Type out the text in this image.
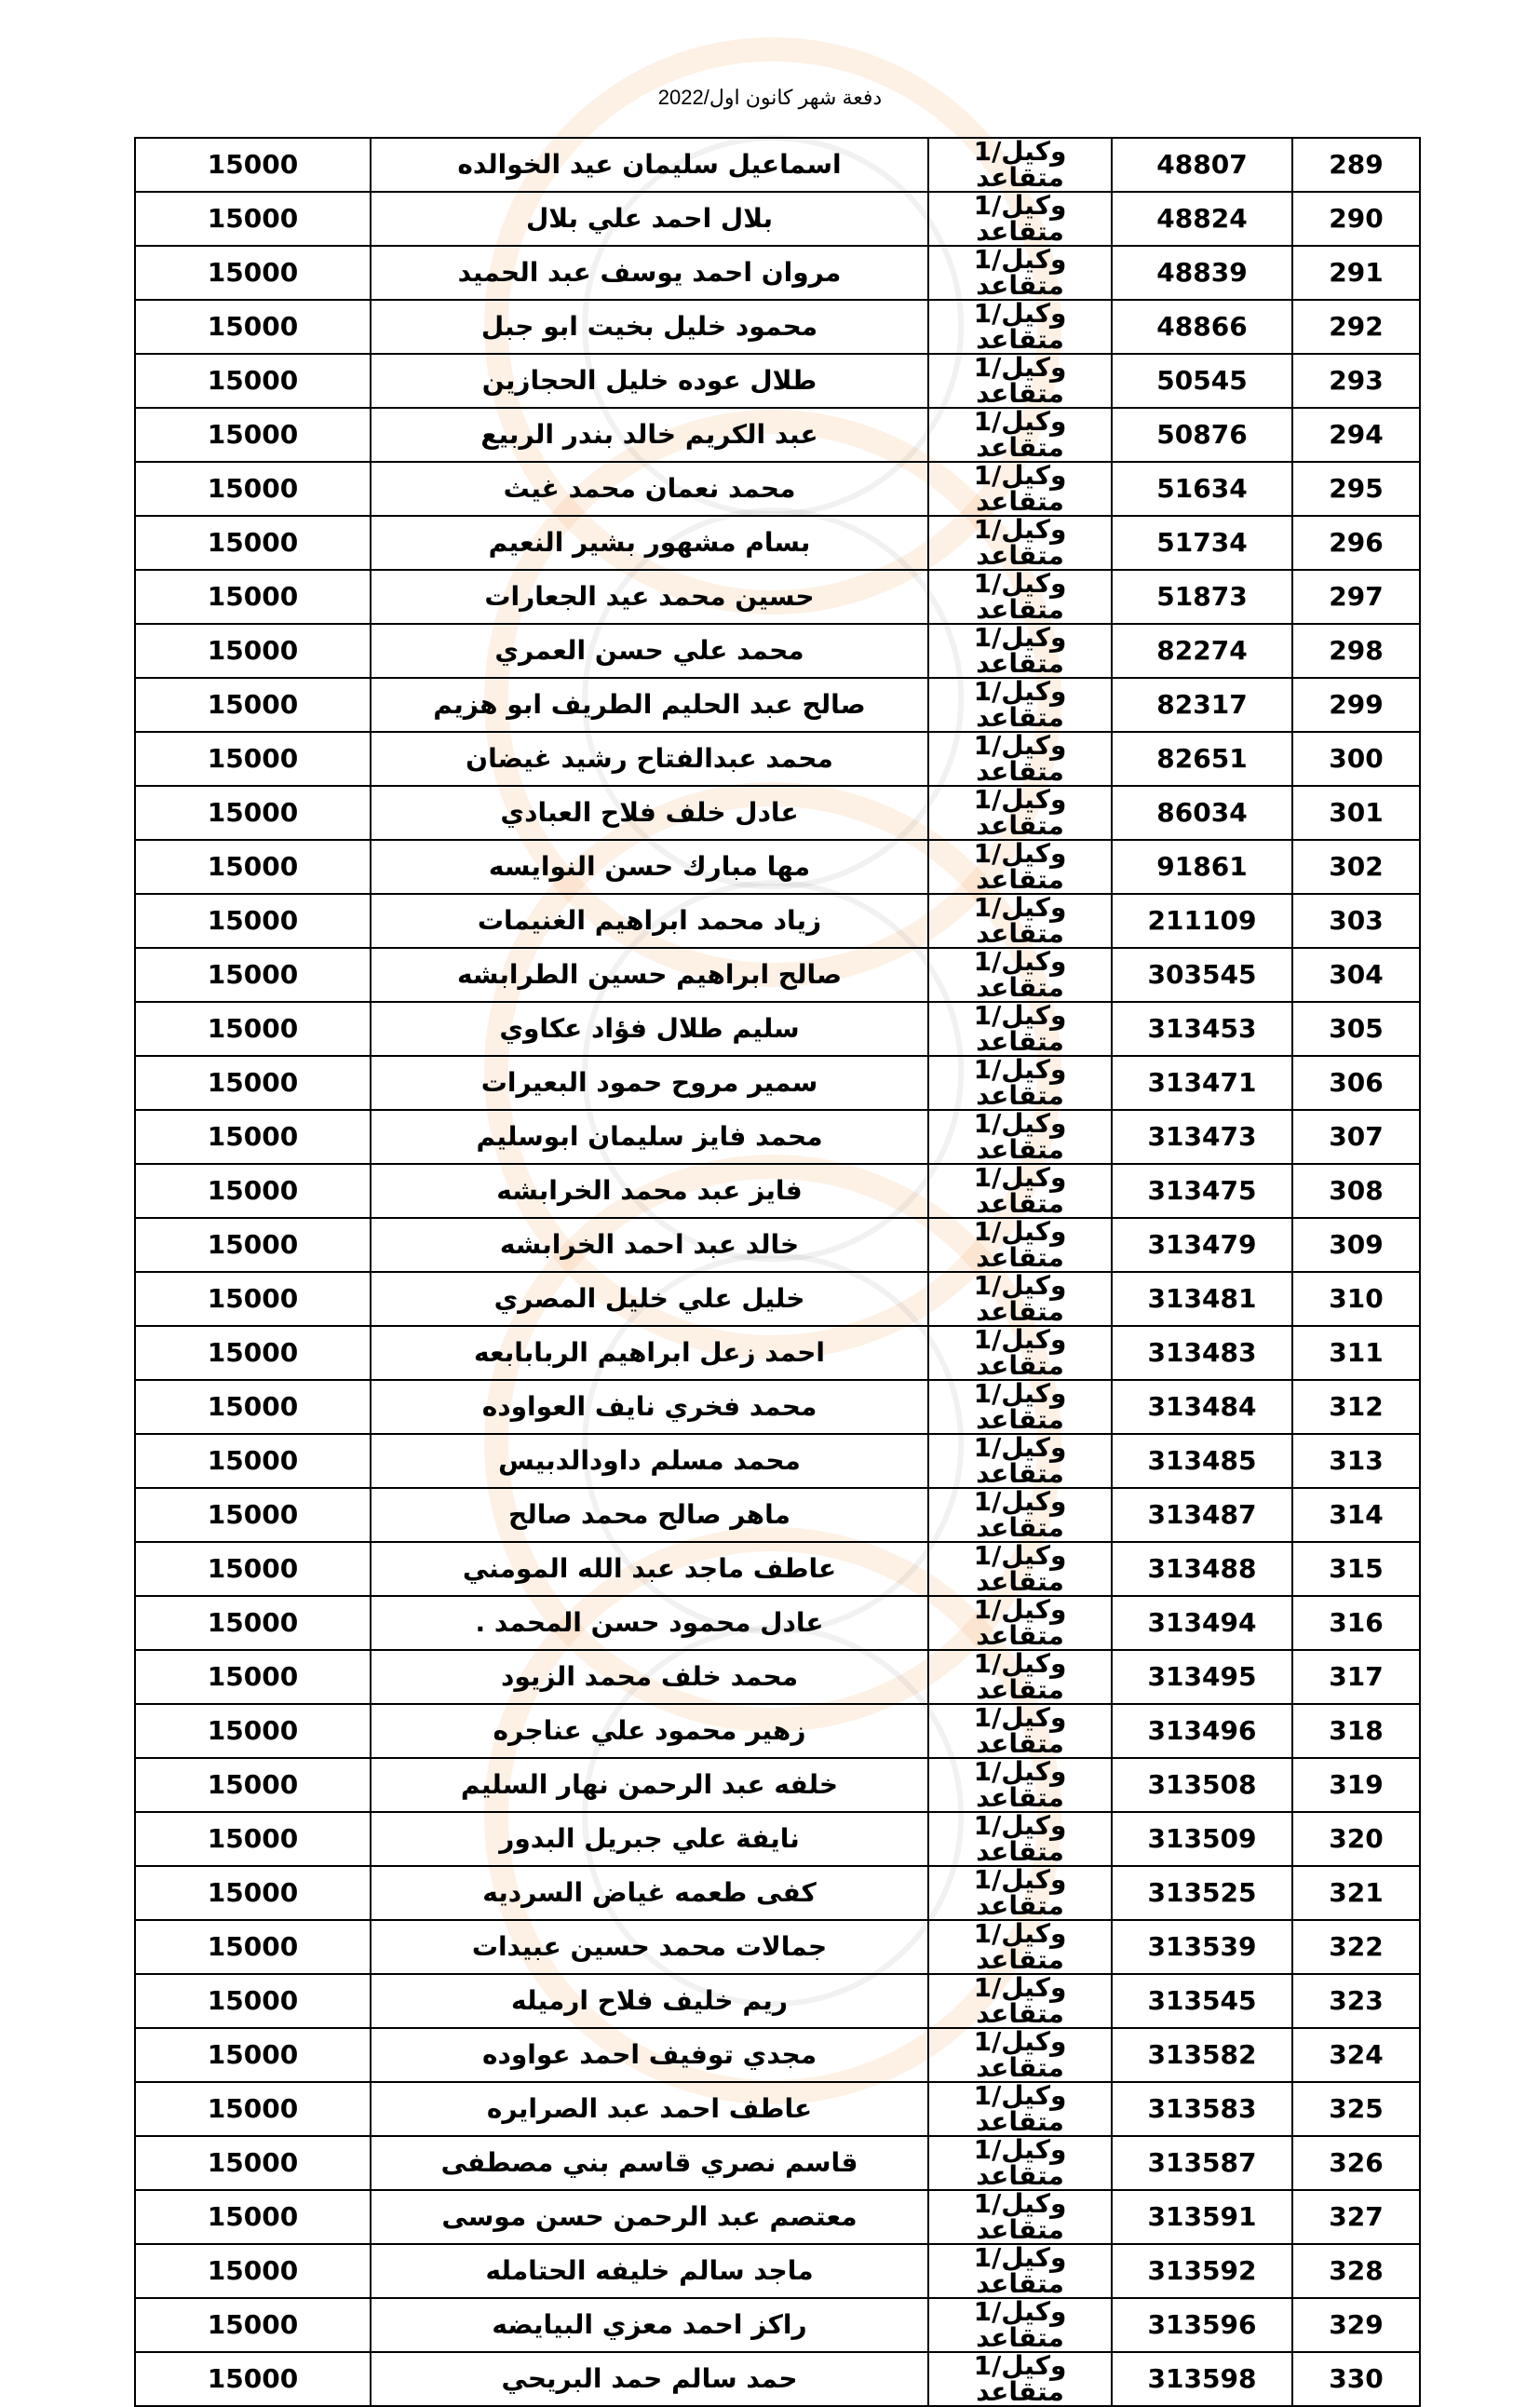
دفعة شهر كانون اول/2022
289	48807	وكيل/1 متقاعد	اسماعيل سليمان عيد الخوالده	15000
290	48824	وكيل/1 متقاعد	بلال احمد علي بلال	15000
291	48839	وكيل/1 متقاعد	مروان احمد يوسف عبد الحميد	15000
292	48866	وكيل/1 متقاعد	محمود خليل بخيت ابو جبل	15000
293	50545	وكيل/1 متقاعد	طلال عوده خليل الحجازين	15000
294	50876	وكيل/1 متقاعد	عبد الكريم خالد بندر الربيع	15000
295	51634	وكيل/1 متقاعد	محمد نعمان محمد غيث	15000
296	51734	وكيل/1 متقاعد	بسام مشهور بشير النعيم	15000
297	51873	وكيل/1 متقاعد	حسين محمد عيد الجعارات	15000
298	82274	وكيل/1 متقاعد	محمد علي حسن العمري	15000
299	82317	وكيل/1 متقاعد	صالح عبد الحليم الطريف ابو هزيم	15000
300	82651	وكيل/1 متقاعد	محمد عبدالفتاح رشيد غيضان	15000
301	86034	وكيل/1 متقاعد	عادل خلف فلاح العبادي	15000
302	91861	وكيل/1 متقاعد	مها مبارك حسن النوايسه	15000
303	211109	وكيل/1 متقاعد	زياد محمد ابراهيم الغنيمات	15000
304	303545	وكيل/1 متقاعد	صالح ابراهيم حسين الطرابشه	15000
305	313453	وكيل/1 متقاعد	سليم طلال فؤاد عكاوي	15000
306	313471	وكيل/1 متقاعد	سمير مروح حمود البعيرات	15000
307	313473	وكيل/1 متقاعد	محمد فايز سليمان ابوسليم	15000
308	313475	وكيل/1 متقاعد	فايز عبد محمد الخرابشه	15000
309	313479	وكيل/1 متقاعد	خالد عبد احمد الخرابشه	15000
310	313481	وكيل/1 متقاعد	خليل علي خليل المصري	15000
311	313483	وكيل/1 متقاعد	احمد زعل ابراهيم الربابابعه	15000
312	313484	وكيل/1 متقاعد	محمد فخري نايف العواوده	15000
313	313485	وكيل/1 متقاعد	محمد مسلم داودالدبيس	15000
314	313487	وكيل/1 متقاعد	ماهر صالح محمد صالح	15000
315	313488	وكيل/1 متقاعد	عاطف ماجد عبد الله المومني	15000
316	313494	وكيل/1 متقاعد	عادل محمود حسن المحمد .	15000
317	313495	وكيل/1 متقاعد	محمد خلف محمد الزيود	15000
318	313496	وكيل/1 متقاعد	زهير محمود علي عناجره	15000
319	313508	وكيل/1 متقاعد	خلفه عبد الرحمن نهار السليم	15000
320	313509	وكيل/1 متقاعد	نايفة علي جبريل البدور	15000
321	313525	وكيل/1 متقاعد	كفى طعمه غياض السرديه	15000
322	313539	وكيل/1 متقاعد	جمالات محمد حسين عبيدات	15000
323	313545	وكيل/1 متقاعد	ريم خليف فلاح ارميله	15000
324	313582	وكيل/1 متقاعد	مجدي توفيف احمد عواوده	15000
325	313583	وكيل/1 متقاعد	عاطف احمد عبد الصرايره	15000
326	313587	وكيل/1 متقاعد	قاسم نصري قاسم بني مصطفى	15000
327	313591	وكيل/1 متقاعد	معتصم عبد الرحمن حسن موسى	15000
328	313592	وكيل/1 متقاعد	ماجد سالم خليفه الحتامله	15000
329	313596	وكيل/1 متقاعد	راكز احمد معزي البيايضه	15000
330	313598	وكيل/1 متقاعد	حمد سالم حمد البريحي	15000
